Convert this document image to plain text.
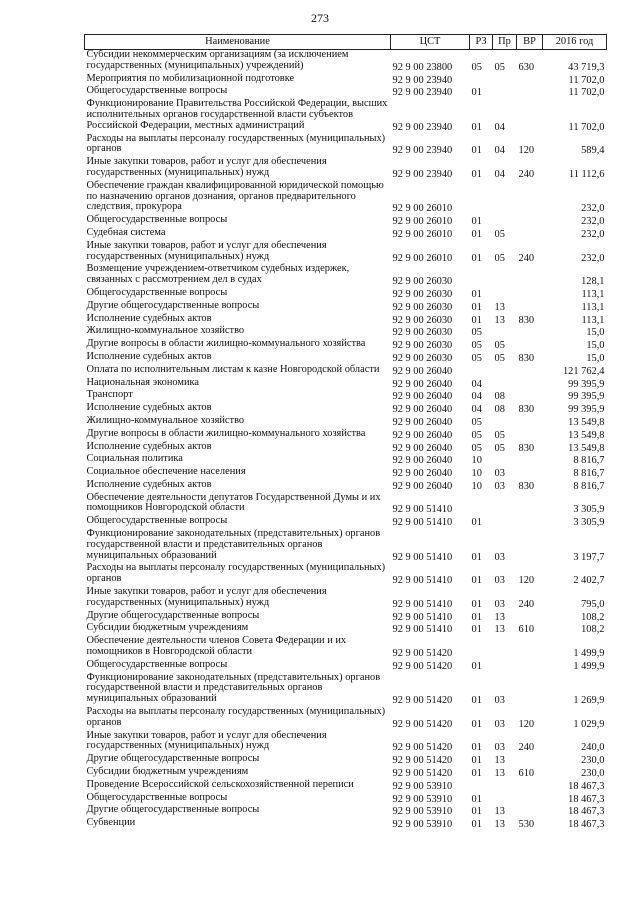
273
Наименование	ЦСТ	РЗ	Пр	ВР	2016 год
Субсидии некоммерческим организациям (за исключением государственных (муниципальных) учреждений)	92 9 00 23800	05	05	630	43 719,3
Мероприятия по мобилизационной подготовке	92 9 00 23940				11 702,0
Общегосударственные вопросы	92 9 00 23940	01			11 702,0
Функционирование Правительства Российской Федерации, высших исполнительных органов государственной власти субъектов Российской Федерации, местных администраций	92 9 00 23940	01	04		11 702,0
Расходы на выплаты персоналу государственных (муниципальных) органов	92 9 00 23940	01	04	120	589,4
Иные закупки товаров, работ и услуг для обеспечения государственных (муниципальных) нужд	92 9 00 23940	01	04	240	11 112,6
Обеспечение граждан квалифицированной юридической помощью по назначению органов дознания, органов предварительного следствия, прокурора	92 9 00 26010				232,0
Общегосударственные вопросы	92 9 00 26010	01			232,0
Судебная система	92 9 00 26010	01	05		232,0
Иные закупки товаров, работ и услуг для обеспечения государственных (муниципальных) нужд	92 9 00 26010	01	05	240	232,0
Возмещение учреждением-ответчиком судебных издержек, связанных с рассмотрением дел в судах	92 9 00 26030				128,1
Общегосударственные вопросы	92 9 00 26030	01			113,1
Другие общегосударственные вопросы	92 9 00 26030	01	13		113,1
Исполнение судебных актов	92 9 00 26030	01	13	830	113,1
Жилищно-коммунальное хозяйство	92 9 00 26030	05			15,0
Другие вопросы в области жилищно-коммунального хозяйства	92 9 00 26030	05	05		15,0
Исполнение судебных актов	92 9 00 26030	05	05	830	15,0
Оплата по исполнительным листам к казне Новгородской области	92 9 00 26040				121 762,4
Национальная экономика	92 9 00 26040	04			99 395,9
Транспорт	92 9 00 26040	04	08		99 395,9
Исполнение судебных актов	92 9 00 26040	04	08	830	99 395,9
Жилищно-коммунальное хозяйство	92 9 00 26040	05			13 549,8
Другие вопросы в области жилищно-коммунального хозяйства	92 9 00 26040	05	05		13 549,8
Исполнение судебных актов	92 9 00 26040	05	05	830	13 549,8
Социальная политика	92 9 00 26040	10			8 816,7
Социальное обеспечение населения	92 9 00 26040	10	03		8 816,7
Исполнение судебных актов	92 9 00 26040	10	03	830	8 816,7
Обеспечение деятельности депутатов Государственной Думы и их помощников Новгородской области	92 9 00 51410				3 305,9
Общегосударственные вопросы	92 9 00 51410	01			3 305,9
Функционирование законодательных (представительных) органов государственной власти и представительных органов муниципальных образований	92 9 00 51410	01	03		3 197,7
Расходы на выплаты персоналу государственных (муниципальных) органов	92 9 00 51410	01	03	120	2 402,7
Иные закупки товаров, работ и услуг для обеспечения государственных (муниципальных) нужд	92 9 00 51410	01	03	240	795,0
Другие общегосударственные вопросы	92 9 00 51410	01	13		108,2
Субсидии бюджетным учреждениям	92 9 00 51410	01	13	610	108,2
Обеспечение деятельности членов Совета Федерации и их помощников в Новгородской области	92 9 00 51420				1 499,9
Общегосударственные вопросы	92 9 00 51420	01			1 499,9
Функционирование законодательных (представительных) органов государственной власти и представительных органов муниципальных образований	92 9 00 51420	01	03		1 269,9
Расходы на выплаты персоналу государственных (муниципальных) органов	92 9 00 51420	01	03	120	1 029,9
Иные закупки товаров, работ и услуг для обеспечения государственных (муниципальных) нужд	92 9 00 51420	01	03	240	240,0
Другие общегосударственные вопросы	92 9 00 51420	01	13		230,0
Субсидии бюджетным учреждениям	92 9 00 51420	01	13	610	230,0
Проведение Всероссийской сельскохозяйственной переписи	92 9 00 53910				18 467,3
Общегосударственные вопросы	92 9 00 53910	01			18 467,3
Другие общегосударственные вопросы	92 9 00 53910	01	13		18 467,3
Субвенции	92 9 00 53910	01	13	530	18 467,3
